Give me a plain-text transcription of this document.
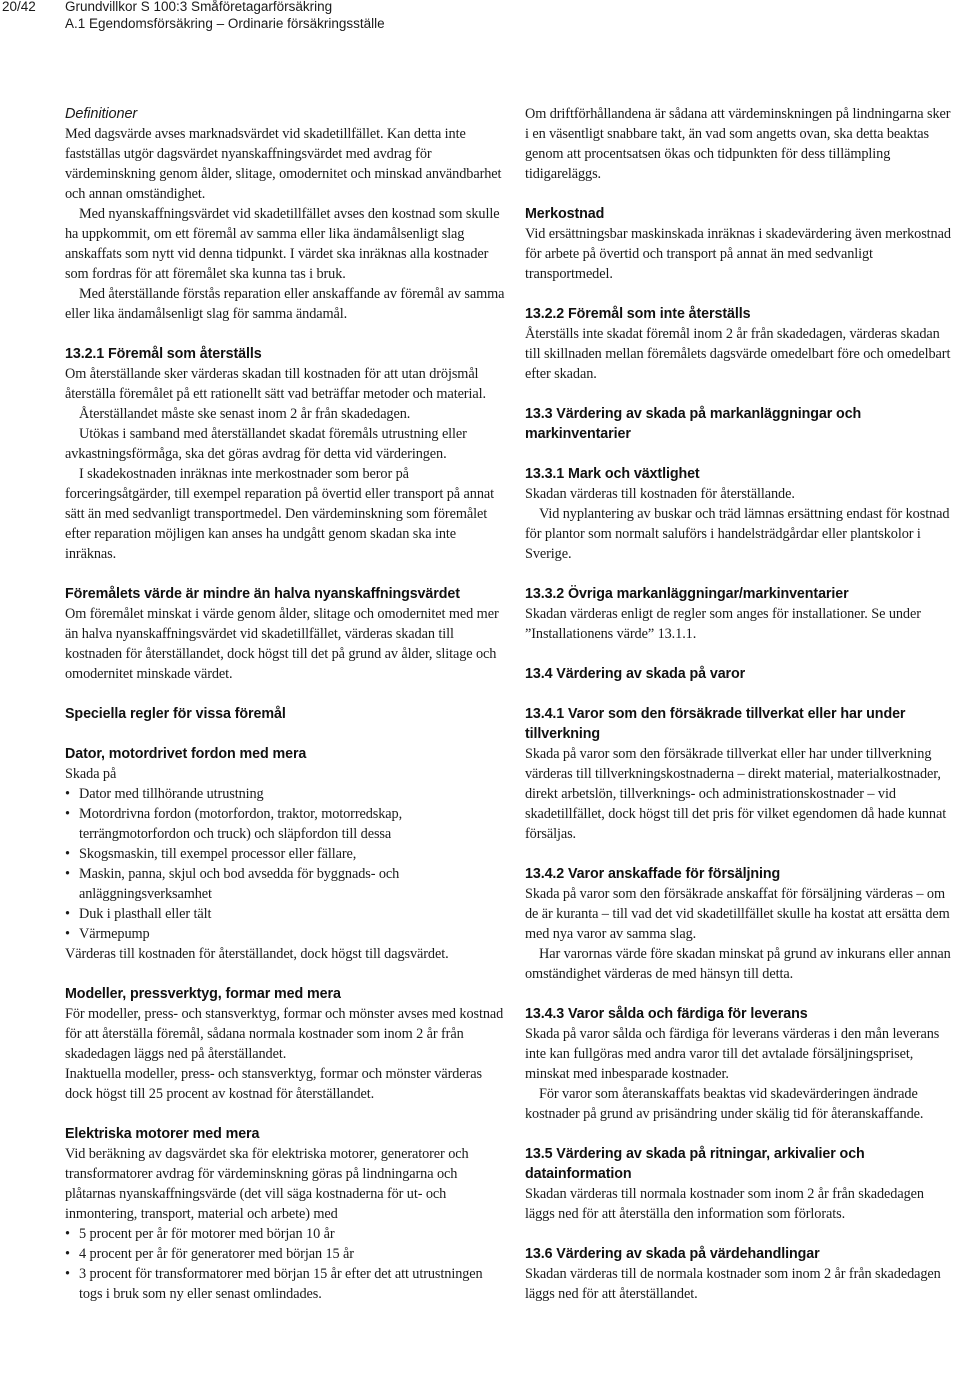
20/42 Grundvillkor S 100:3 Småföretagarförsäkring
A.1 Egendomsförsäkring – Ordinarie försäkringsställe

Definitioner

Med dagsvärde avses marknadsvärdet vid skadetillfället. Kan detta inte fastställas utgör dagsvärdet nyanskaffningsvärdet med avdrag för värdeminskning genom ålder, slitage, omodernitet och minskad användbarhet och annan omständighet.

Med nyanskaffningsvärdet vid skadetillfället avses den kostnad som skulle ha uppkommit, om ett föremål av samma eller lika ändamålsenligt slag anskaffats som nytt vid denna tidpunkt. I värdet ska inräknas alla kostnader som fordras för att föremålet ska kunna tas i bruk.

Med återställande förstås reparation eller anskaffande av föremål av samma eller lika ändamålsenligt slag för samma ändamål.

13.2.1 Föremål som återställs

Om återställande sker värderas skadan till kostnaden för att utan dröjsmål återställa föremålet på ett rationellt sätt vad beträffar metoder och material.

Återställandet måste ske senast inom 2 år från skadedagen.

Utökas i samband med återställandet skadat föremåls utrustning eller avkastningsförmåga, ska det göras avdrag för detta vid värderingen.

I skadekostnaden inräknas inte merkostnader som beror på forceringsåtgärder, till exempel reparation på övertid eller transport på annat sätt än med sedvanligt transportmedel. Den värdeminskning som föremålet efter reparation möjligen kan anses ha undgått genom skadan ska inte inräknas.

Föremålets värde är mindre än halva nyanskaffningsvärdet

Om föremålet minskat i värde genom ålder, slitage och omodernitet med mer än halva nyanskaffningsvärdet vid skadetillfället, värderas skadan till kostnaden för återställandet, dock högst till det på grund av ålder, slitage och omodernitet minskade värdet.

Speciella regler för vissa föremål
Dator, motordrivet fordon med mera

Skada på

• Dator med tillhörande utrustning
• Motordrivna fordon (motorfordon, traktor, motorredskap, terrängmotorfordon och truck) och släpfordon till dessa
• Skogsmaskin, till exempel processor eller fällare,
• Maskin, panna, skjul och bod avsedda för byggnads- och anläggningsverksamhet
• Duk i plasthall eller tält
• Värmepump

Värderas till kostnaden för återställandet, dock högst till dagsvärdet.

Modeller, pressverktyg, formar med mera

För modeller, press- och stansverktyg, formar och mönster avses med kostnad för att återställa föremål, sådana normala kostnader som inom 2 år från skadedagen läggs ned på återställandet.

Inaktuella modeller, press- och stansverktyg, formar och mönster värderas dock högst till 25 procent av kostnad för återställandet.

Elektriska motorer med mera

Vid beräkning av dagsvärdet ska för elektriska motorer, generatorer och transformatorer avdrag för värdeminskning göras på lindningarna och plåtarnas nyanskaffningsvärde (det vill säga kostnaderna för ut- och inmontering, transport, material och arbete) med

• 5 procent per år för motorer med början 10 år
• 4 procent per år för generatorer med början 15 år
• 3 procent för transformatorer med början 15 år efter det att utrustningen togs i bruk som ny eller senast omlindades.

Om driftförhållandena är sådana att värdeminskningen på lindningarna sker i en väsentligt snabbare takt, än vad som angetts ovan, ska detta beaktas genom att procentsatsen ökas och tidpunkten för dess tillämpling tidigareläggs.

Merkostnad

Vid ersättningsbar maskinskada inräknas i skadevärdering även merkostnad för arbete på övertid och transport på annat än med sedvanligt transportmedel.

13.2.2 Föremål som inte återställs

Återställs inte skadat föremål inom 2 år från skadedagen, värderas skadan till skillnaden mellan föremålets dagsvärde omedelbart före och omedelbart efter skadan.

13.3 Värdering av skada på markanläggningar och markinventarier
13.3.1 Mark och växtlighet

Skadan värderas till kostnaden för återställande.

Vid nyplantering av buskar och träd lämnas ersättning endast för kostnad för plantor som normalt saluförs i handelsträdgårdar eller plantskolor i Sverige.

13.3.2 Övriga markanläggningar/markinventarier

Skadan värderas enligt de regler som anges för installationer. Se under ”Installationens värde” 13.1.1.

13.4 Värdering av skada på varor
13.4.1 Varor som den försäkrade tillverkat eller har under tillverkning

Skada på varor som den försäkrade tillverkat eller har under tillverkning värderas till tillverkningskostnaderna – direkt material, materialkostnader, direkt arbetslön, tillverknings- och administrationskostnader – vid skadetillfället, dock högst till det pris för vilket egendomen då hade kunnat försäljas.

13.4.2 Varor anskaffade för försäljning

Skada på varor som den försäkrade anskaffat för försäljning värderas – om de är kuranta – till vad det vid skadetillfället skulle ha kostat att ersätta dem med nya varor av samma slag.

Har varornas värde före skadan minskat på grund av inkurans eller annan omständighet värderas de med hänsyn till detta.

13.4.3 Varor sålda och färdiga för leverans

Skada på varor sålda och färdiga för leverans värderas i den mån leverans inte kan fullgöras med andra varor till det avtalade försäljningspriset, minskat med inbesparade kostnader.

För varor som återanskaffats beaktas vid skadevärderingen ändrade kostnader på grund av prisändring under skälig tid för återanskaffande.

13.5 Värdering av skada på ritningar, arkivalier och datainformation

Skadan värderas till normala kostnader som inom 2 år från skadedagen läggs ned för att återställa den information som förlorats.

13.6 Värdering av skada på värdehandlingar

Skadan värderas till de normala kostnader som inom 2 år från skadedagen läggs ned för att återställandet.
